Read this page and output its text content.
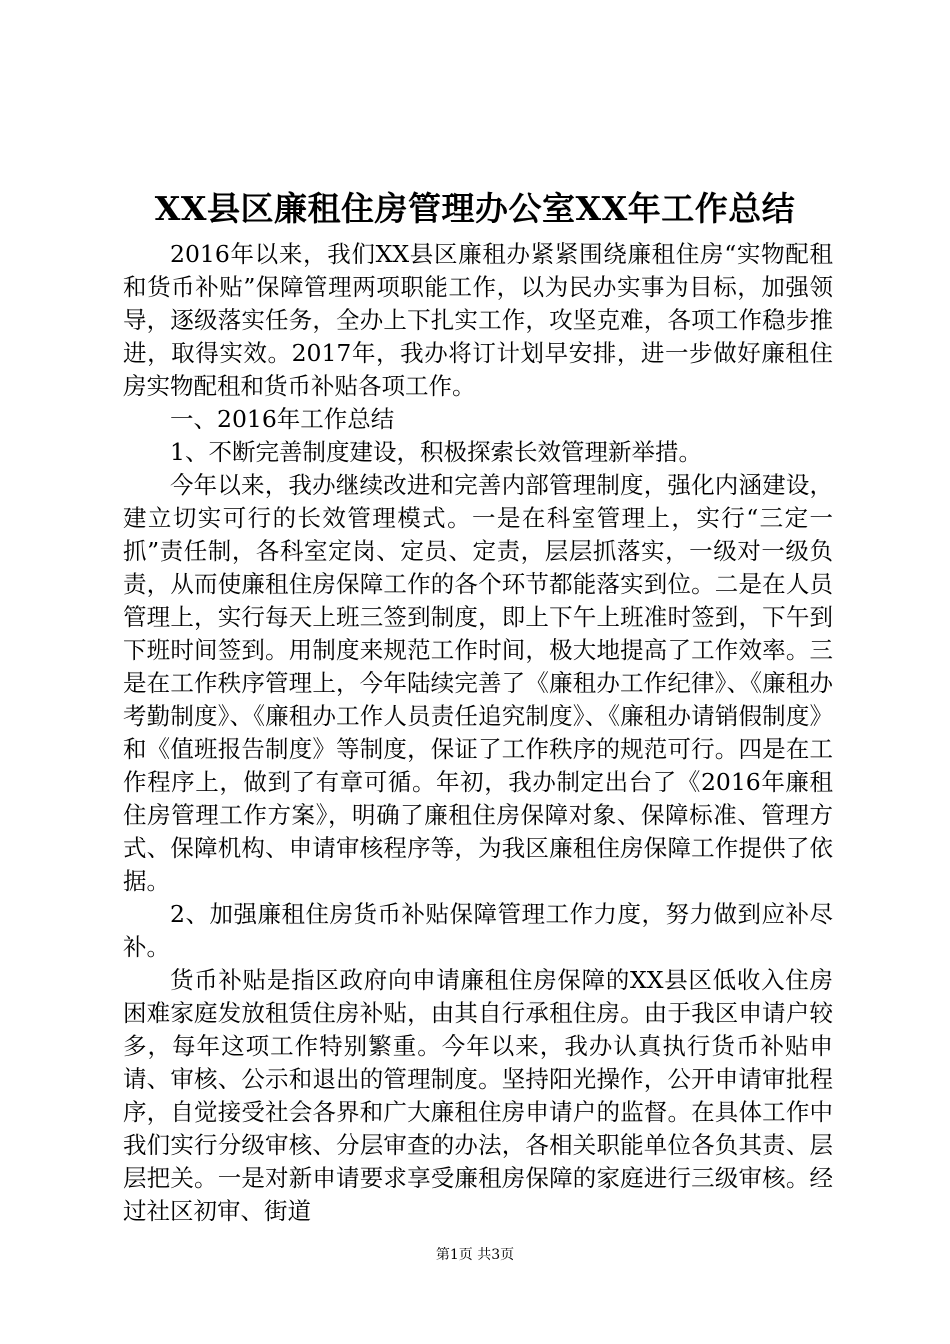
XX县区廉租住房管理办公室XX年工作总结

2016年以来，我们XX县区廉租办紧紧围绕廉租住房“实物配租和货币补贴”保障管理两项职能工作，以为民办实事为目标，加强领导，逐级落实任务，全办上下扎实工作，攻坚克难，各项工作稳步推进，取得实效。2017年，我办将订计划早安排，进一步做好廉租住房实物配租和货币补贴各项工作。

一、2016年工作总结

1、不断完善制度建设，积极探索长效管理新举措。

今年以来，我办继续改进和完善内部管理制度，强化内涵建设，建立切实可行的长效管理模式。一是在科室管理上，实行“三定一抓”责任制，各科室定岗、定员、定责，层层抓落实，一级对一级负责，从而使廉租住房保障工作的各个环节都能落实到位。二是在人员管理上，实行每天上班三签到制度，即上下午上班准时签到，下午到下班时间签到。用制度来规范工作时间，极大地提高了工作效率。三是在工作秩序管理上，今年陆续完善了《廉租办工作纪律》、《廉租办考勤制度》、《廉租办工作人员责任追究制度》、《廉租办请销假制度》和《值班报告制度》等制度，保证了工作秩序的规范可行。四是在工作程序上，做到了有章可循。年初，我办制定出台了《2016年廉租住房管理工作方案》，明确了廉租住房保障对象、保障标准、管理方式、保障机构、申请审核程序等，为我区廉租住房保障工作提供了依据。

2、加强廉租住房货币补贴保障管理工作力度，努力做到应补尽补。

货币补贴是指区政府向申请廉租住房保障的XX县区低收入住房困难家庭发放租赁住房补贴，由其自行承租住房。由于我区申请户较多，每年这项工作特别繁重。今年以来，我办认真执行货币补贴申请、审核、公示和退出的管理制度。坚持阳光操作，公开申请审批程序，自觉接受社会各界和广大廉租住房申请户的监督。在具体工作中我们实行分级审核、分层审查的办法，各相关职能单位各负其责、层层把关。一是对新申请要求享受廉租房保障的家庭进行三级审核。经过社区初审、街道

第1页 共3页
